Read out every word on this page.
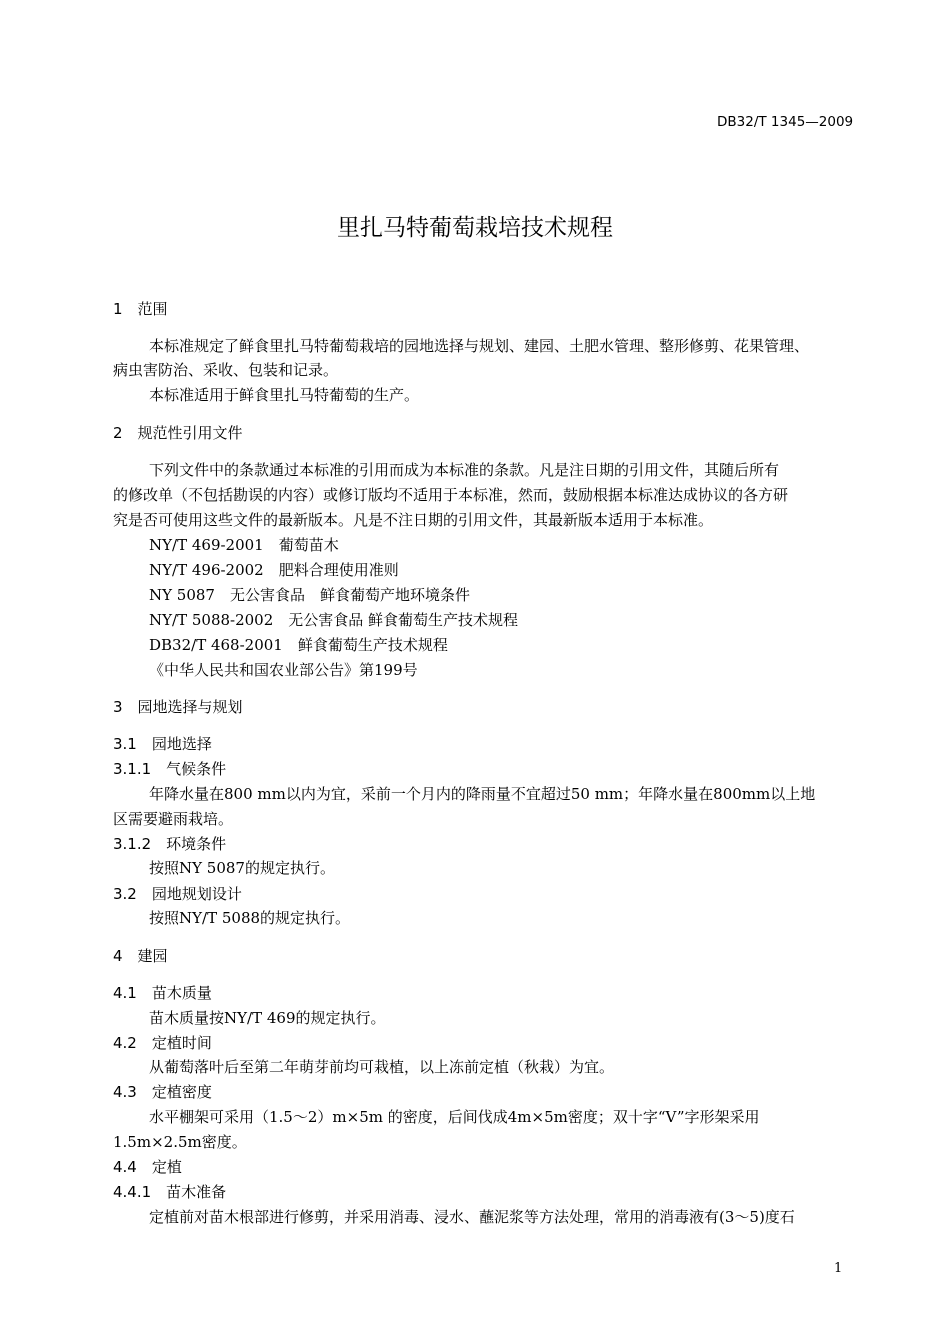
DB32/T 1345—2009
里扎马特葡萄栽培技术规程
1　范围
本标准规定了鲜食里扎马特葡萄栽培的园地选择与规划、建园、土肥水管理、整形修剪、花果管理、
病虫害防治、采收、包装和记录。
本标准适用于鲜食里扎马特葡萄的生产。
2　规范性引用文件
下列文件中的条款通过本标准的引用而成为本标准的条款。凡是注日期的引用文件，其随后所有
的修改单（不包括勘误的内容）或修订版均不适用于本标准，然而，鼓励根据本标准达成协议的各方研
究是否可使用这些文件的最新版本。凡是不注日期的引用文件，其最新版本适用于本标准。
NY/T 469-2001　葡萄苗木
NY/T 496-2002　肥料合理使用准则
NY 5087　无公害食品　鲜食葡萄产地环境条件
NY/T 5088-2002　无公害食品 鲜食葡萄生产技术规程
DB32/T 468-2001　鲜食葡萄生产技术规程
《中华人民共和国农业部公告》第199号
3　园地选择与规划
3.1　园地选择
3.1.1　气候条件
年降水量在800 mm以内为宜，采前一个月内的降雨量不宜超过50 mm；年降水量在800mm以上地
区需要避雨栽培。
3.1.2　环境条件
按照NY 5087的规定执行。
3.2　园地规划设计
按照NY/T 5088的规定执行。
4　建园
4.1　苗木质量
苗木质量按NY/T 469的规定执行。
4.2　定植时间
从葡萄落叶后至第二年萌芽前均可栽植，以上冻前定植（秋栽）为宜。
4.3　定植密度
水平棚架可采用（1.5～2）m×5m 的密度，后间伐成4m×5m密度；双十字“V”字形架采用
1.5m×2.5m密度。
4.4　定植
4.4.1　苗木准备
定植前对苗木根部进行修剪，并采用消毒、浸水、蘸泥浆等方法处理，常用的消毒液有(3～5)度石
1
